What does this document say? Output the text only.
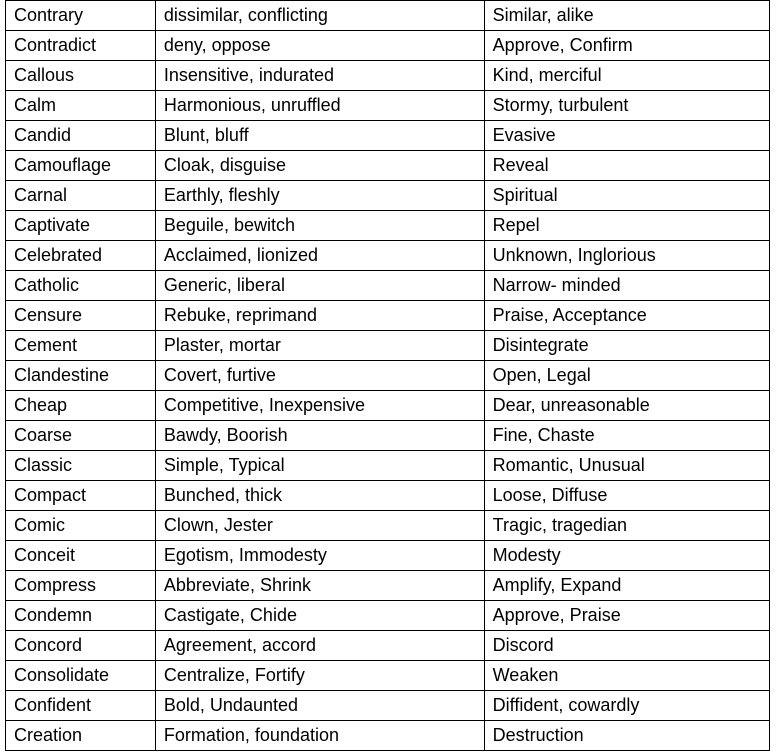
Contrary	dissimilar, conflicting	Similar, alike
Contradict	deny, oppose	Approve, Confirm
Callous	Insensitive, indurated	Kind, merciful
Calm	Harmonious, unruffled	Stormy, turbulent
Candid	Blunt, bluff	Evasive
Camouflage	Cloak, disguise	Reveal
Carnal	Earthly, fleshly	Spiritual
Captivate	Beguile, bewitch	Repel
Celebrated	Acclaimed, lionized	Unknown, Inglorious
Catholic	Generic, liberal	Narrow- minded
Censure	Rebuke, reprimand	Praise, Acceptance
Cement	Plaster, mortar	Disintegrate
Clandestine	Covert, furtive	Open, Legal
Cheap	Competitive, Inexpensive	Dear, unreasonable
Coarse	Bawdy, Boorish	Fine, Chaste
Classic	Simple, Typical	Romantic, Unusual
Compact	Bunched, thick	Loose, Diffuse
Comic	Clown, Jester	Tragic, tragedian
Conceit	Egotism, Immodesty	Modesty
Compress	Abbreviate, Shrink	Amplify, Expand
Condemn	Castigate, Chide	Approve, Praise
Concord	Agreement, accord	Discord
Consolidate	Centralize, Fortify	Weaken
Confident	Bold, Undaunted	Diffident, cowardly
Creation	Formation, foundation	Destruction
